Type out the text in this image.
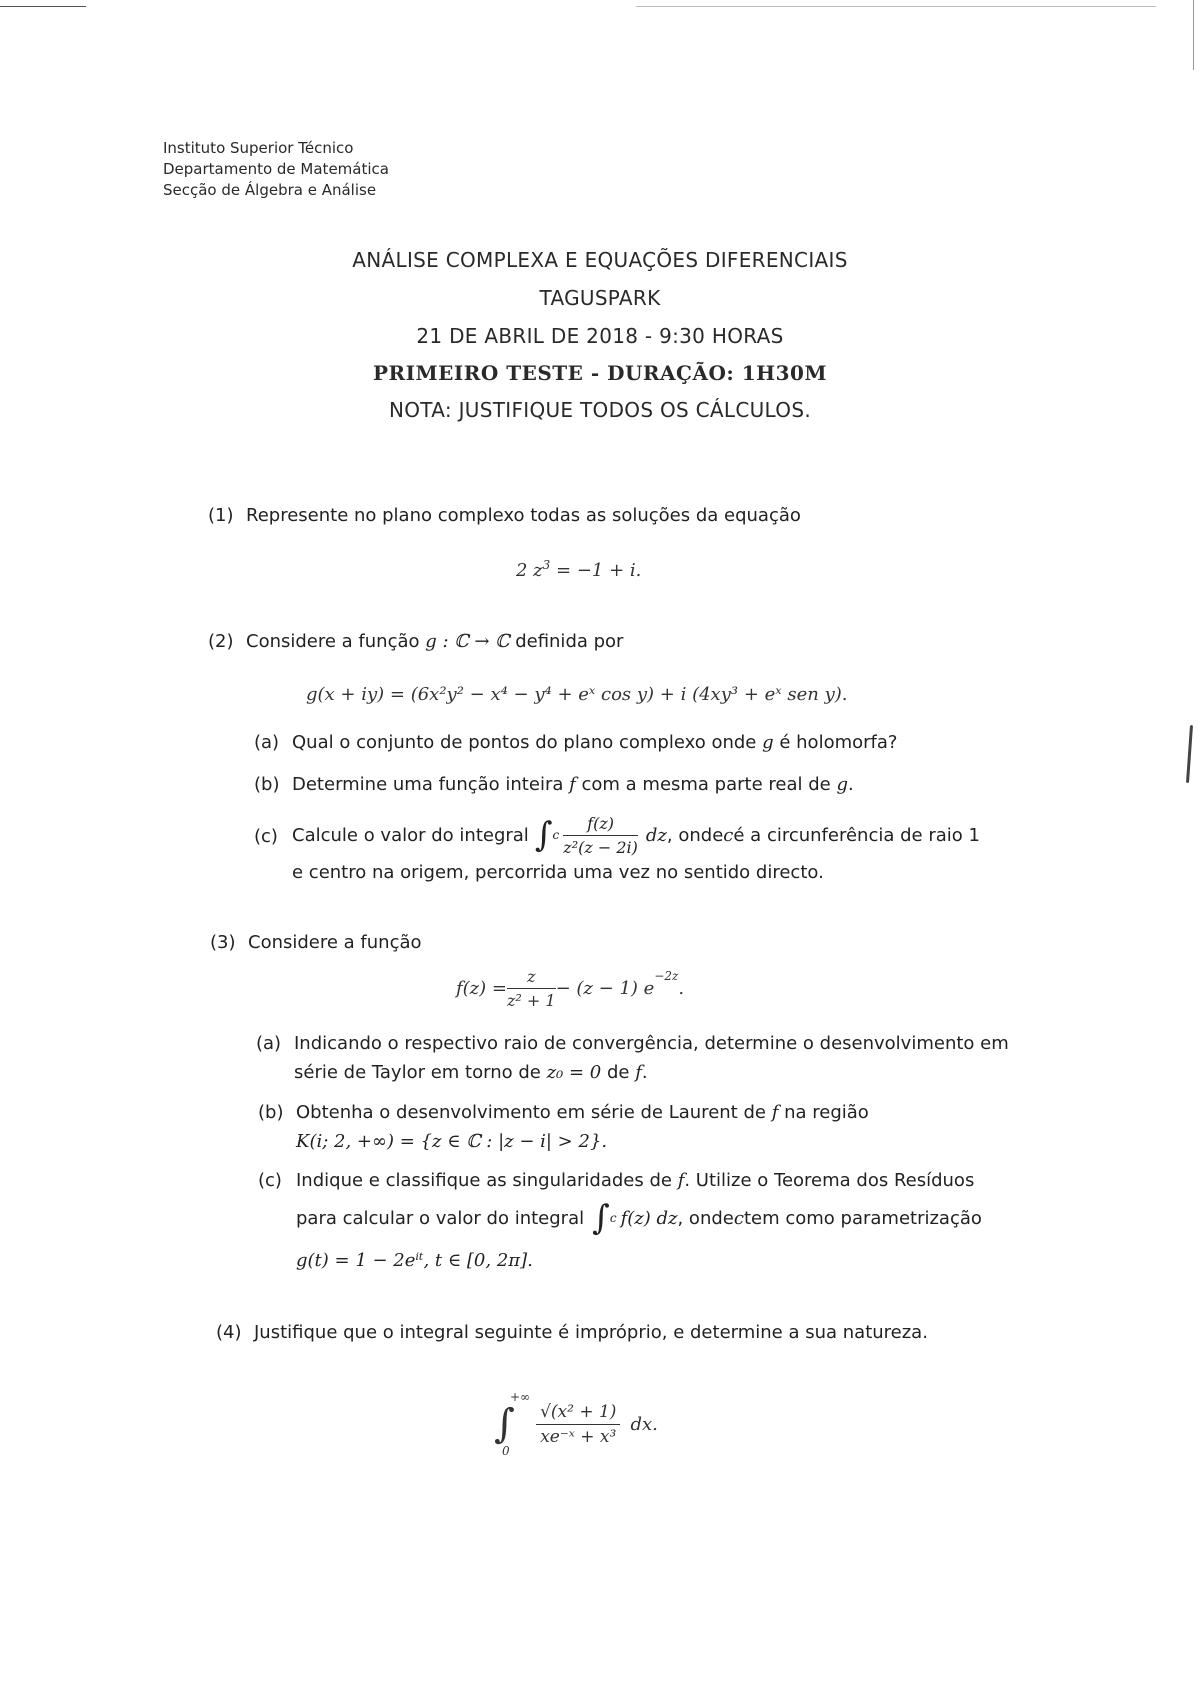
Instituto Superior Técnico
Departamento de Matemática
Secção de Álgebra e Análise
ANÁLISE COMPLEXA E EQUAÇÕES DIFERENCIAIS
TAGUSPARK
21 DE ABRIL DE 2018 - 9:30 HORAS
PRIMEIRO TESTE - DURAÇÃO: 1H30M
NOTA: JUSTIFIQUE TODOS OS CÁLCULOS.
(1) Represente no plano complexo todas as soluções da equação
2 $z^3 = -1 + i$.
(2) Considere a função g : ℂ → ℂ definida por
g(x + iy) = (6x²y² − x⁴ − y⁴ + eˣ cos y) + i (4xy³ + eˣ sen y).
(a) Qual o conjunto de pontos do plano complexo onde g é holomorfa?
(b) Determine uma função inteira f com a mesma parte real de g.
(c) Calcule o valor do integral ∫ c $\frac{f(z)}{\text{z²(z − 2i)}}$ dz , onde c é a circunferência de raio 1
e centro na origem, percorrida uma vez no sentido directo.
(3) Considere a função
$f(z) = \frac{z}{\text{z² + 1}} - (z - 1)$ e
−2z
.
(a) Indicando o respectivo raio de convergência, determine o desenvolvimento em
série de Taylor em torno de z₀ = 0 de f.
(b) Obtenha o desenvolvimento em série de Laurent de f na região
K(i; 2, +∞) = {z ∈ ℂ : |z − i| > 2}.
(c) Indique e classifique as singularidades de f. Utilize o Teorema dos Resíduos
para calcular o valor do integral ∫ c f(z) dz , onde c tem como parametrização
g(t) = 1 − 2eⁱᵗ, t ∈ [0, 2π].
(4) Justifique que o integral seguinte é impróprio, e determine a sua natureza.
+∞
∫
0
$\frac{\text{√(x² + 1)}}{\text{xe⁻ˣ + x³}}$ dx.
